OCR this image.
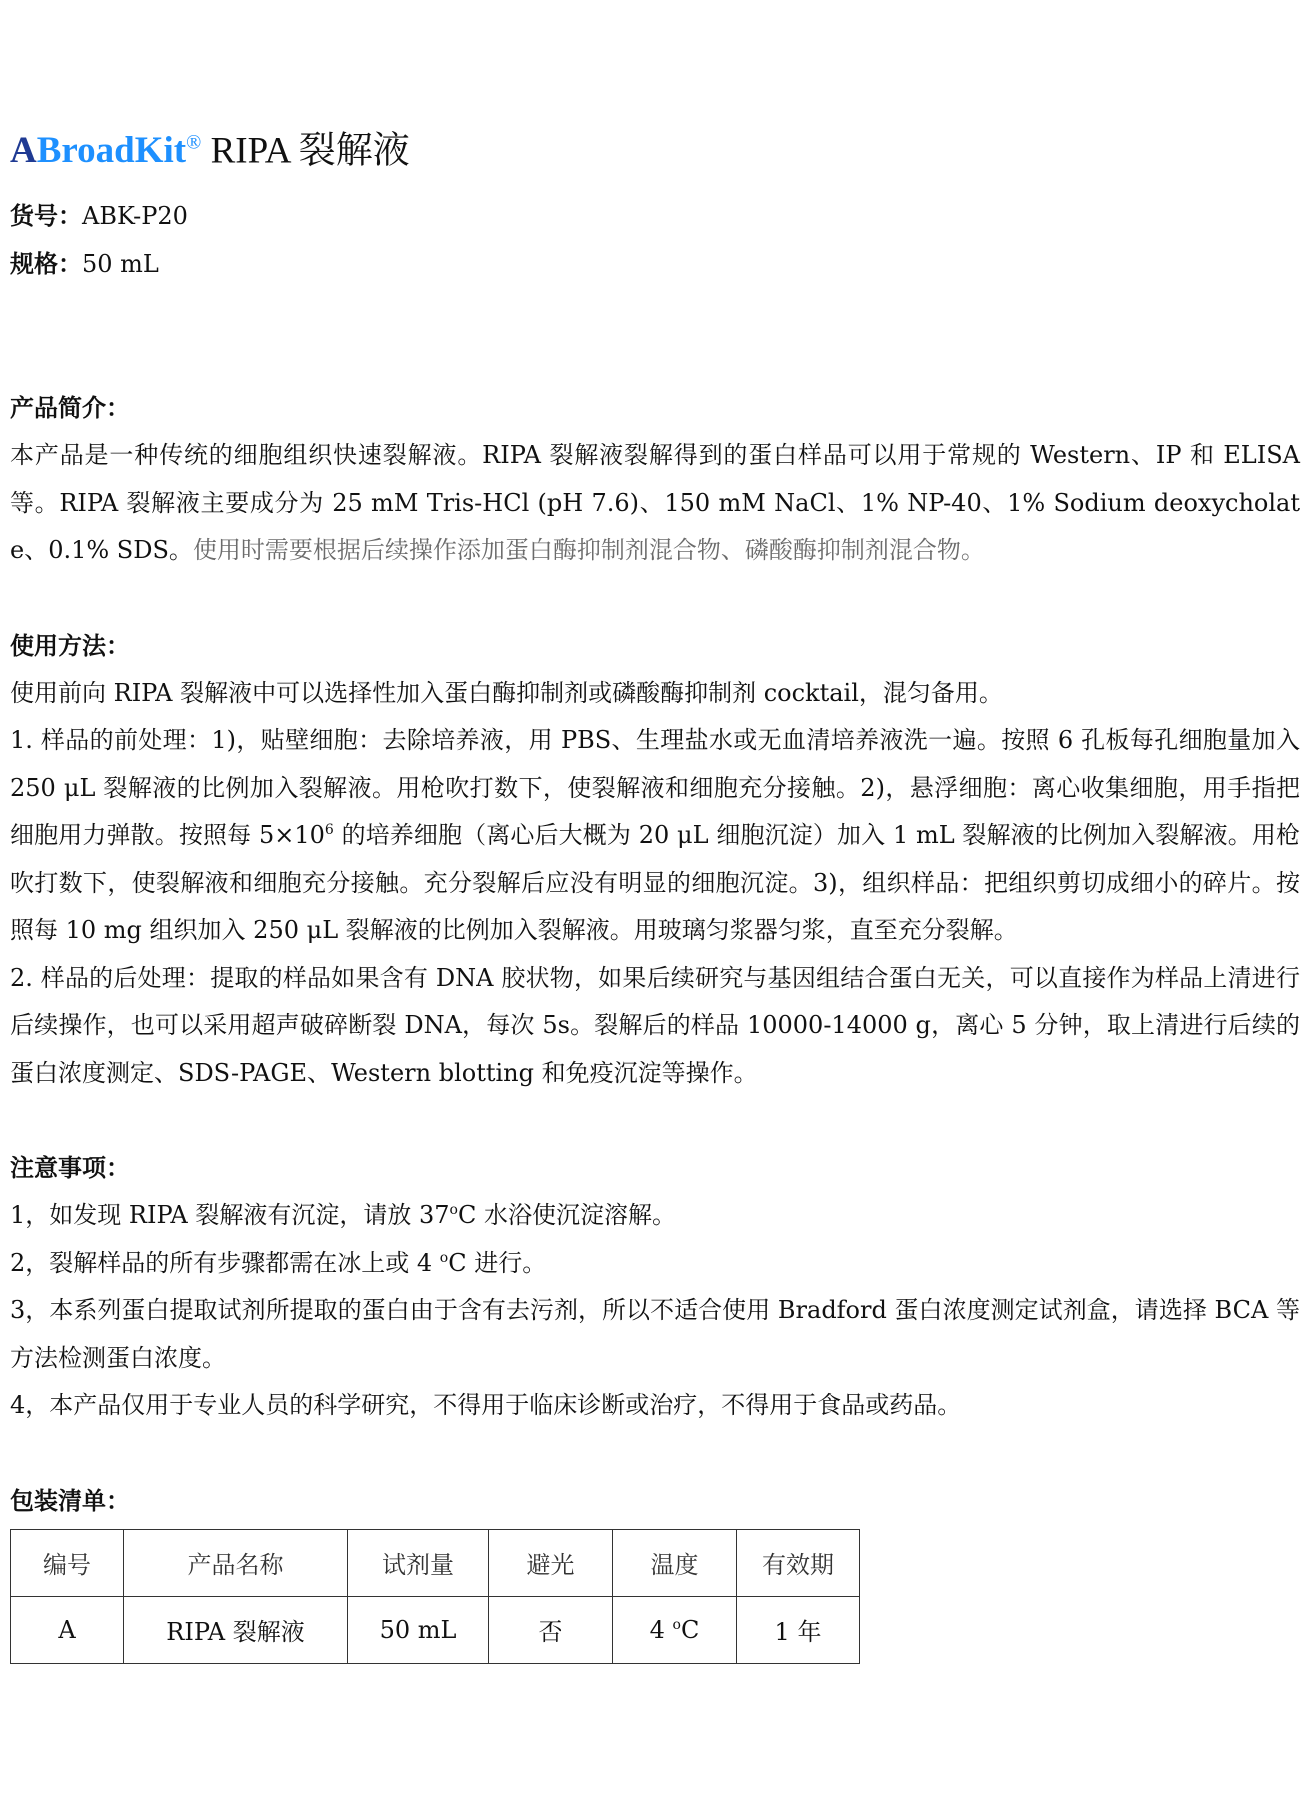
ABroadKit® RIPA 裂解液
货号：ABK-P20
规格：50 mL
产品简介：

本产品是一种传统的细胞组织快速裂解液。RIPA 裂解液裂解得到的蛋白样品可以用于常规的 Western、IP 和 ELISA 等。RIPA 裂解液主要成分为 25 mM Tris-HCl (pH 7.6)、150 mM NaCl、1% NP-40、1% Sodium deoxycholate、0.1% SDS。使用时需要根据后续操作添加蛋白酶抑制剂混合物、磷酸酶抑制剂混合物。

使用方法：

使用前向 RIPA 裂解液中可以选择性加入蛋白酶抑制剂或磷酸酶抑制剂 cocktail，混匀备用。

1. 样品的前处理：1)，贴壁细胞：去除培养液，用 PBS、生理盐水或无血清培养液洗一遍。按照 6 孔板每孔细胞量加入 250 μL 裂解液的比例加入裂解液。用枪吹打数下，使裂解液和细胞充分接触。2)，悬浮细胞：离心收集细胞，用手指把细胞用力弹散。按照每 $5\times 10^6$ 的培养细胞（离心后大概为 20 μL 细胞沉淀）加入 1 mL 裂解液的比例加入裂解液。用枪吹打数下，使裂解液和细胞充分接触。充分裂解后应没有明显的细胞沉淀。3)，组织样品：把组织剪切成细小的碎片。按照每 10 mg 组织加入 250 μL 裂解液的比例加入裂解液。用玻璃匀浆器匀浆，直至充分裂解。

2. 样品的后处理：提取的样品如果含有 DNA 胶状物，如果后续研究与基因组结合蛋白无关，可以直接作为样品上清进行后续操作，也可以采用超声破碎断裂 DNA，每次 5s。裂解后的样品 10000-14000 g，离心 5 分钟，取上清进行后续的蛋白浓度测定、SDS-PAGE、Western blotting 和免疫沉淀等操作。

注意事项：

1，如发现 RIPA 裂解液有沉淀，请放 37$^o$C 水浴使沉淀溶解。

2，裂解样品的所有步骤都需在冰上或 4 $^o$C 进行。

3，本系列蛋白提取试剂所提取的蛋白由于含有去污剂，所以不适合使用 Bradford 蛋白浓度测定试剂盒，请选择 BCA 等方法检测蛋白浓度。

4，本产品仅用于专业人员的科学研究，不得用于临床诊断或治疗，不得用于食品或药品。

包装清单：
编号	产品名称	试剂量	避光	温度	有效期
A	RIPA 裂解液	50 mL	否	4 $^o$C	1 年
